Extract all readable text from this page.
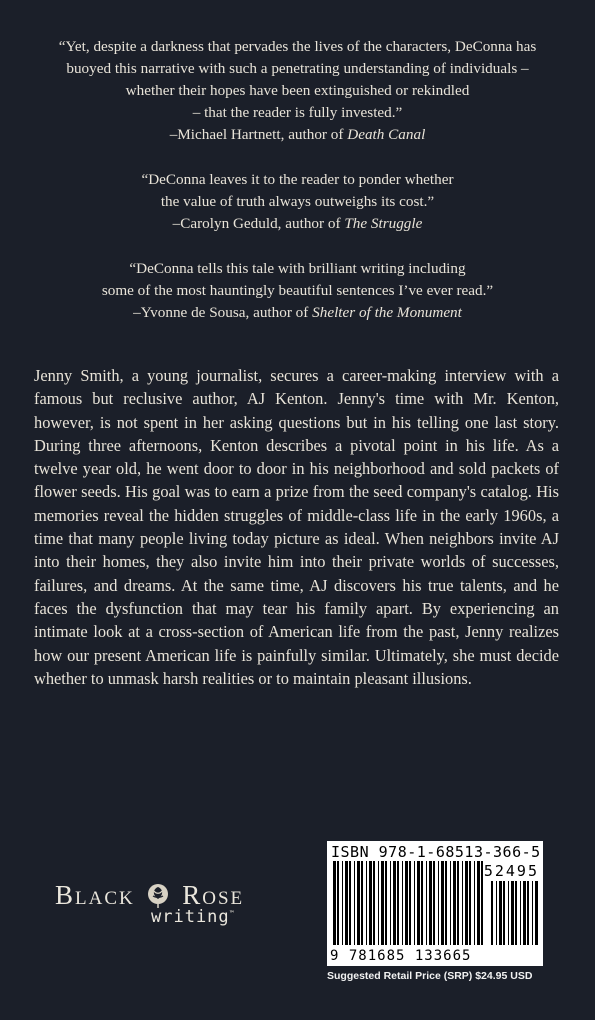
“Yet, despite a darkness that pervades the lives of the characters, DeConna has

buoyed this narrative with such a penetrating understanding of individuals –

whether their hopes have been extinguished or rekindled

– that the reader is fully invested.”

–Michael Hartnett, author of Death Canal

“DeConna leaves it to the reader to ponder whether

the value of truth always outweighs its cost.”

–Carolyn Geduld, author of The Struggle

“DeConna tells this tale with brilliant writing including

some of the most hauntingly beautiful sentences I’ve ever read.”

–Yvonne de Sousa, author of Shelter of the Monument

Jenny Smith, a young journalist, secures a career-making interview with a famous but reclusive author, AJ Kenton. Jenny's time with Mr. Kenton, however, is not spent in her asking questions but in his telling one last story. During three afternoons, Kenton describes a pivotal point in his life. As a twelve year old, he went door to door in his neighborhood and sold packets of flower seeds. His goal was to earn a prize from the seed company's catalog. His memories reveal the hidden struggles of middle-class life in the early 1960s, a time that many people living today picture as ideal. When neighbors invite AJ into their homes, they also invite him into their private worlds of successes, failures, and dreams. At the same time, AJ discovers his true talents, and he faces the dysfunction that may tear his family apart. By experiencing an intimate look at a cross-section of American life from the past, Jenny realizes how our present American life is painfully similar. Ultimately, she must decide whether to unmask harsh realities or to maintain pleasant illusions.

Black Rose
writing™
ISBN 978-1-68513-366-5
52495
9 781685 133665
Suggested Retail Price (SRP) $24.95 USD
